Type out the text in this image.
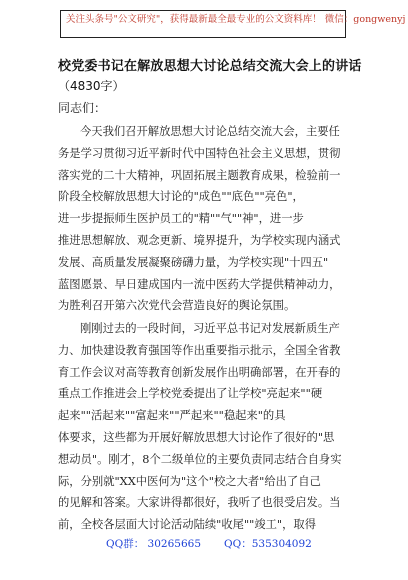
关注头条号"公文研究"，获得最新最全最专业的公文资料库！ 微信：gongwenyj
校党委书记在解放思想大讨论总结交流大会上的讲话
（4830字）
同志们：
今天我们召开解放思想大讨论总结交流大会，主要任
务是学习贯彻习近平新时代中国特色社会主义思想，贯彻
落实党的二十大精神，巩固拓展主题教育成果，检验前一
阶段全校解放思想大讨论的"成色""底色""亮色"，
进一步提振师生医护员工的"精""气""神"，进一步
推进思想解放、观念更新、境界提升，为学校实现内涵式
发展、高质量发展凝聚磅礴力量，为学校实现"十四五"
蓝图愿景、早日建成国内一流中医药大学提供精神动力，
为胜利召开第六次党代会营造良好的舆论氛围。
刚刚过去的一段时间，习近平总书记对发展新质生产
力、加快建设教育强国等作出重要指示批示，全国全省教
育工作会议对高等教育创新发展作出明确部署，在开春的
重点工作推进会上学校党委提出了让学校"亮起来""硬
起来""活起来""富起来""严起来""稳起来"的具
体要求，这些都为开展好解放思想大讨论作了很好的"思
想动员"。刚才，8个二级单位的主要负责同志结合自身实
际，分别就"XX中医何为"这个"校之大者"给出了自己
的见解和答案。大家讲得都很好，我听了也很受启发。当
前，全校各层面大讨论活动陆续"收尾""竣工"，取得
QQ群： 30265665 QQ：535304092
